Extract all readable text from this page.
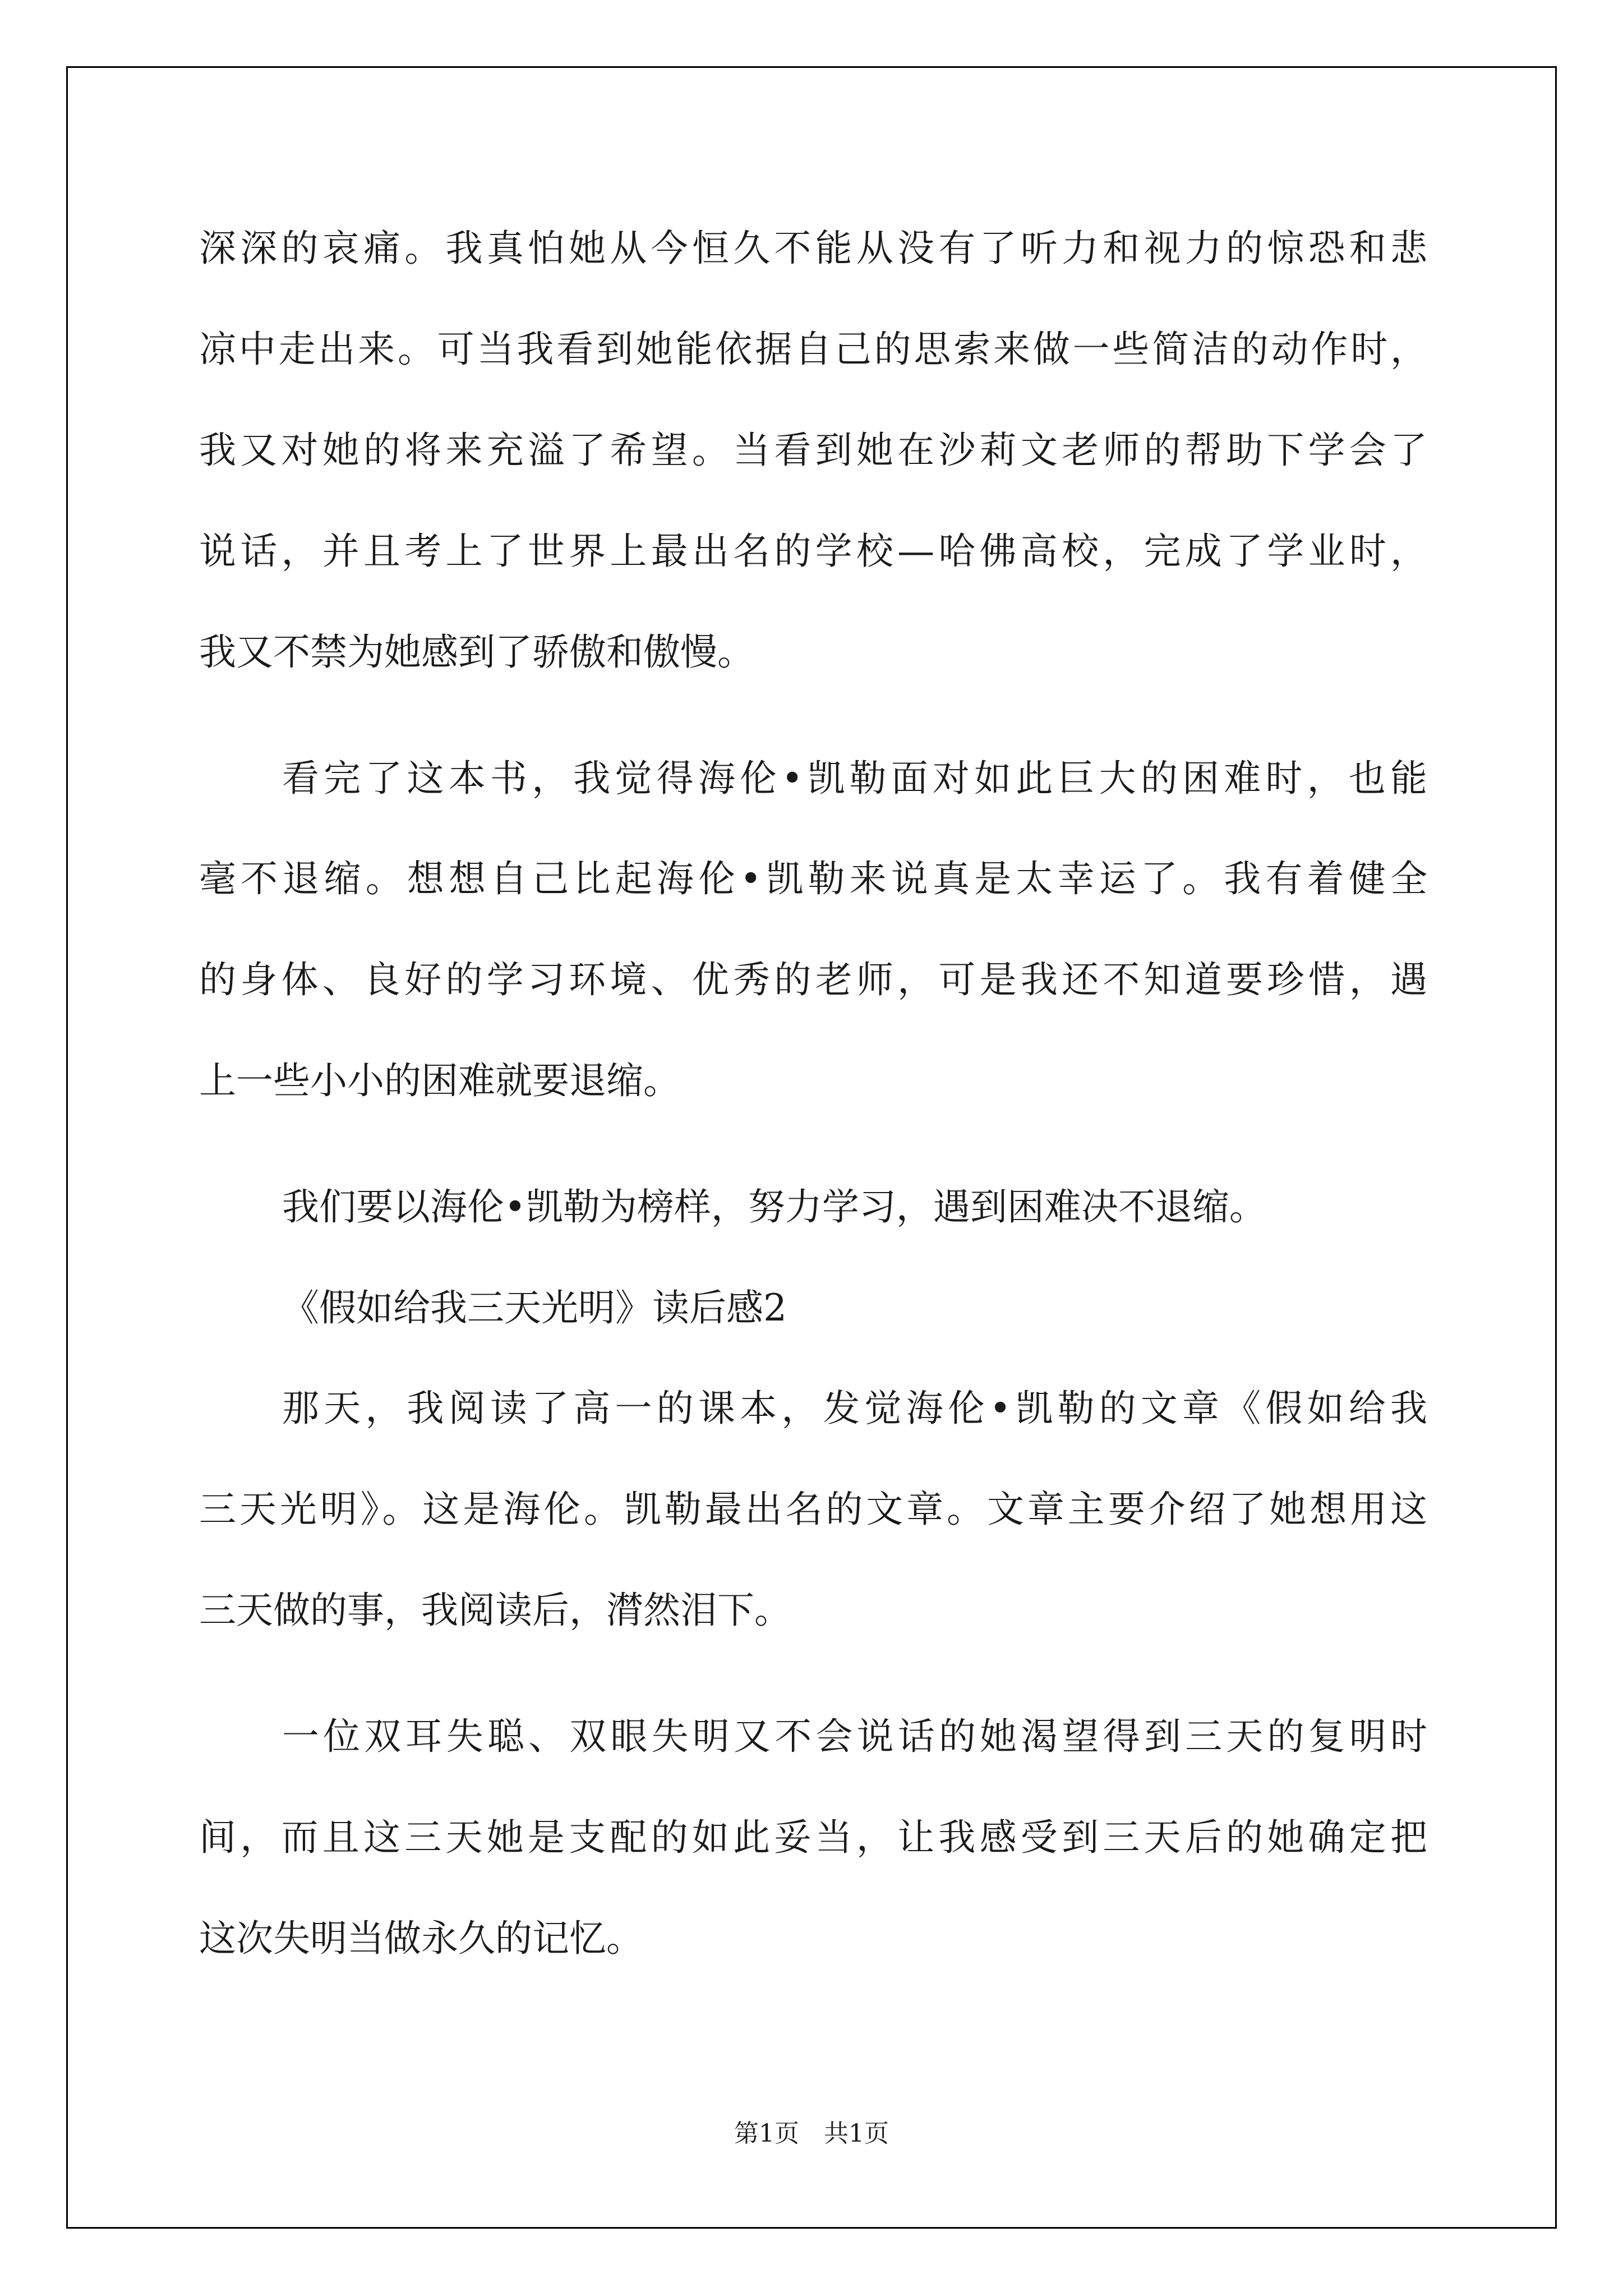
深深的哀痛。我真怕她从今恒久不能从没有了听力和视力的惊恐和悲
凉中走出来。可当我看到她能依据自己的思索来做一些简洁的动作时，
我又对她的将来充溢了希望。当看到她在沙莉文老师的帮助下学会了
说话，并且考上了世界上最出名的学校—哈佛高校，完成了学业时，
我又不禁为她感到了骄傲和傲慢。
看完了这本书，我觉得海伦•凯勒面对如此巨大的困难时，也能
毫不退缩。想想自己比起海伦•凯勒来说真是太幸运了。我有着健全
的身体、良好的学习环境、优秀的老师，可是我还不知道要珍惜，遇
上一些小小的困难就要退缩。
我们要以海伦•凯勒为榜样，努力学习，遇到困难决不退缩。
《假如给我三天光明》读后感2
那天，我阅读了高一的课本，发觉海伦•凯勒的文章《假如给我
三天光明》。这是海伦。凯勒最出名的文章。文章主要介绍了她想用这
三天做的事，我阅读后，潸然泪下。
一位双耳失聪、双眼失明又不会说话的她渴望得到三天的复明时
间，而且这三天她是支配的如此妥当，让我感受到三天后的她确定把
这次失明当做永久的记忆。
第1页　共1页
